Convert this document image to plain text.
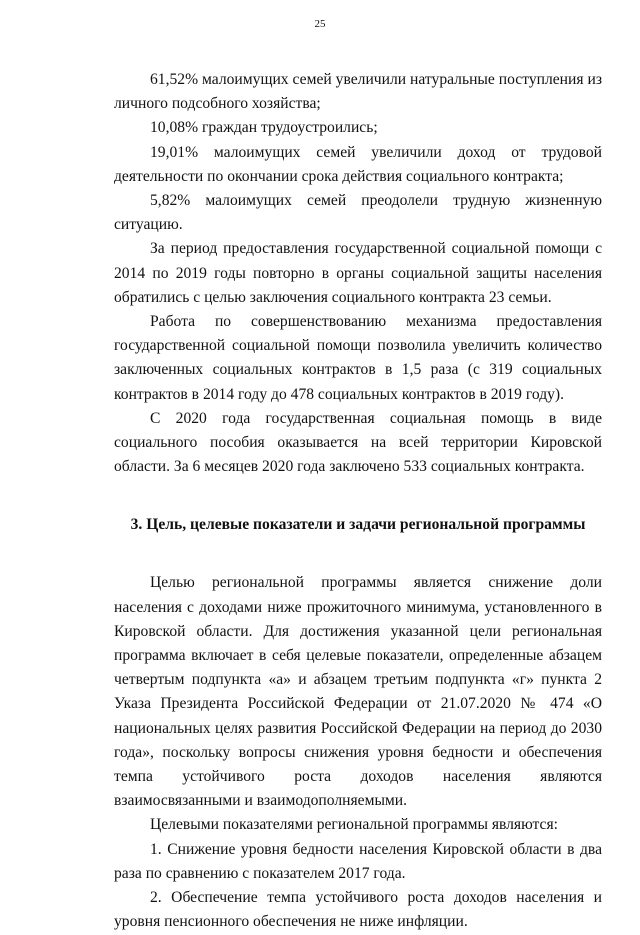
25

61,52% малоимущих семей увеличили натуральные поступления из личного подсобного хозяйства;

10,08% граждан трудоустроились;

19,01% малоимущих семей увеличили доход от трудовой деятельности по окончании срока действия социального контракта;

5,82% малоимущих семей преодолели трудную жизненную ситуацию.

За период предоставления государственной социальной помощи с 2014 по 2019 годы повторно в органы социальной защиты населения обратились с целью заключения социального контракта 23 семьи.

Работа по совершенствованию механизма предоставления государственной социальной помощи позволила увеличить количество заключенных социальных контрактов в 1,5 раза (с 319 социальных контрактов в 2014 году до 478 социальных контрактов в 2019 году).

С 2020 года государственная социальная помощь в виде социального пособия оказывается на всей территории Кировской области. За 6 месяцев 2020 года заключено 533 социальных контракта.

3. Цель, целевые показатели и задачи региональной программы

Целью региональной программы является снижение доли населения с доходами ниже прожиточного минимума, установленного в Кировской области. Для достижения указанной цели региональная программа включает в себя целевые показатели, определенные абзацем четвертым подпункта «а» и абзацем третьим подпункта «г» пункта 2 Указа Президента Российской Федерации от 21.07.2020 № 474 «О национальных целях развития Российской Федерации на период до 2030 года», поскольку вопросы снижения уровня бедности и обеспечения темпа устойчивого роста доходов населения являются взаимосвязанными и взаимодополняемыми.

Целевыми показателями региональной программы являются:

1. Снижение уровня бедности населения Кировской области в два раза по сравнению с показателем 2017 года.

2. Обеспечение темпа устойчивого роста доходов населения и уровня пенсионного обеспечения не ниже инфляции.
